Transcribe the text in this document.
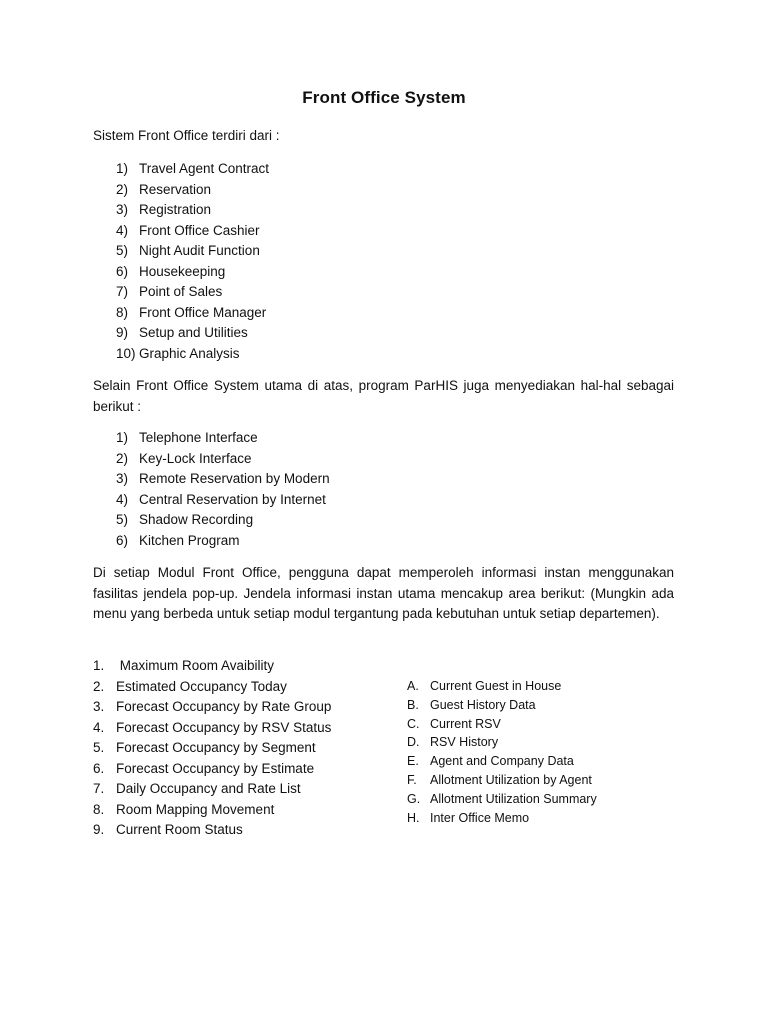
Front Office System

Sistem Front Office terdiri dari :

1) Travel Agent Contract
2) Reservation
3) Registration
4) Front Office Cashier
5) Night Audit Function
6) Housekeeping
7) Point of Sales
8) Front Office Manager
9) Setup and Utilities
10) Graphic Analysis

Selain Front Office System utama di atas, program ParHIS juga menyediakan hal-hal sebagai berikut :

1) Telephone Interface
2) Key-Lock Interface
3) Remote Reservation by Modern
4) Central Reservation by Internet
5) Shadow Recording
6) Kitchen Program

Di setiap Modul Front Office, pengguna dapat memperoleh informasi instan menggunakan fasilitas jendela pop-up. Jendela informasi instan utama mencakup area berikut: (Mungkin ada menu yang berbeda untuk setiap modul tergantung pada kebutuhan untuk setiap departemen).

1. Maximum Room Avaibility
2. Estimated Occupancy Today
3. Forecast Occupancy by Rate Group
4. Forecast Occupancy by RSV Status
5. Forecast Occupancy by Segment
6. Forecast Occupancy by Estimate
7. Daily Occupancy and Rate List
8. Room Mapping Movement
9. Current Room Status
A. Current Guest in House
B. Guest History Data
C. Current RSV
D. RSV History
E. Agent and Company Data
F. Allotment Utilization by Agent
G. Allotment Utilization Summary
H. Inter Office Memo
